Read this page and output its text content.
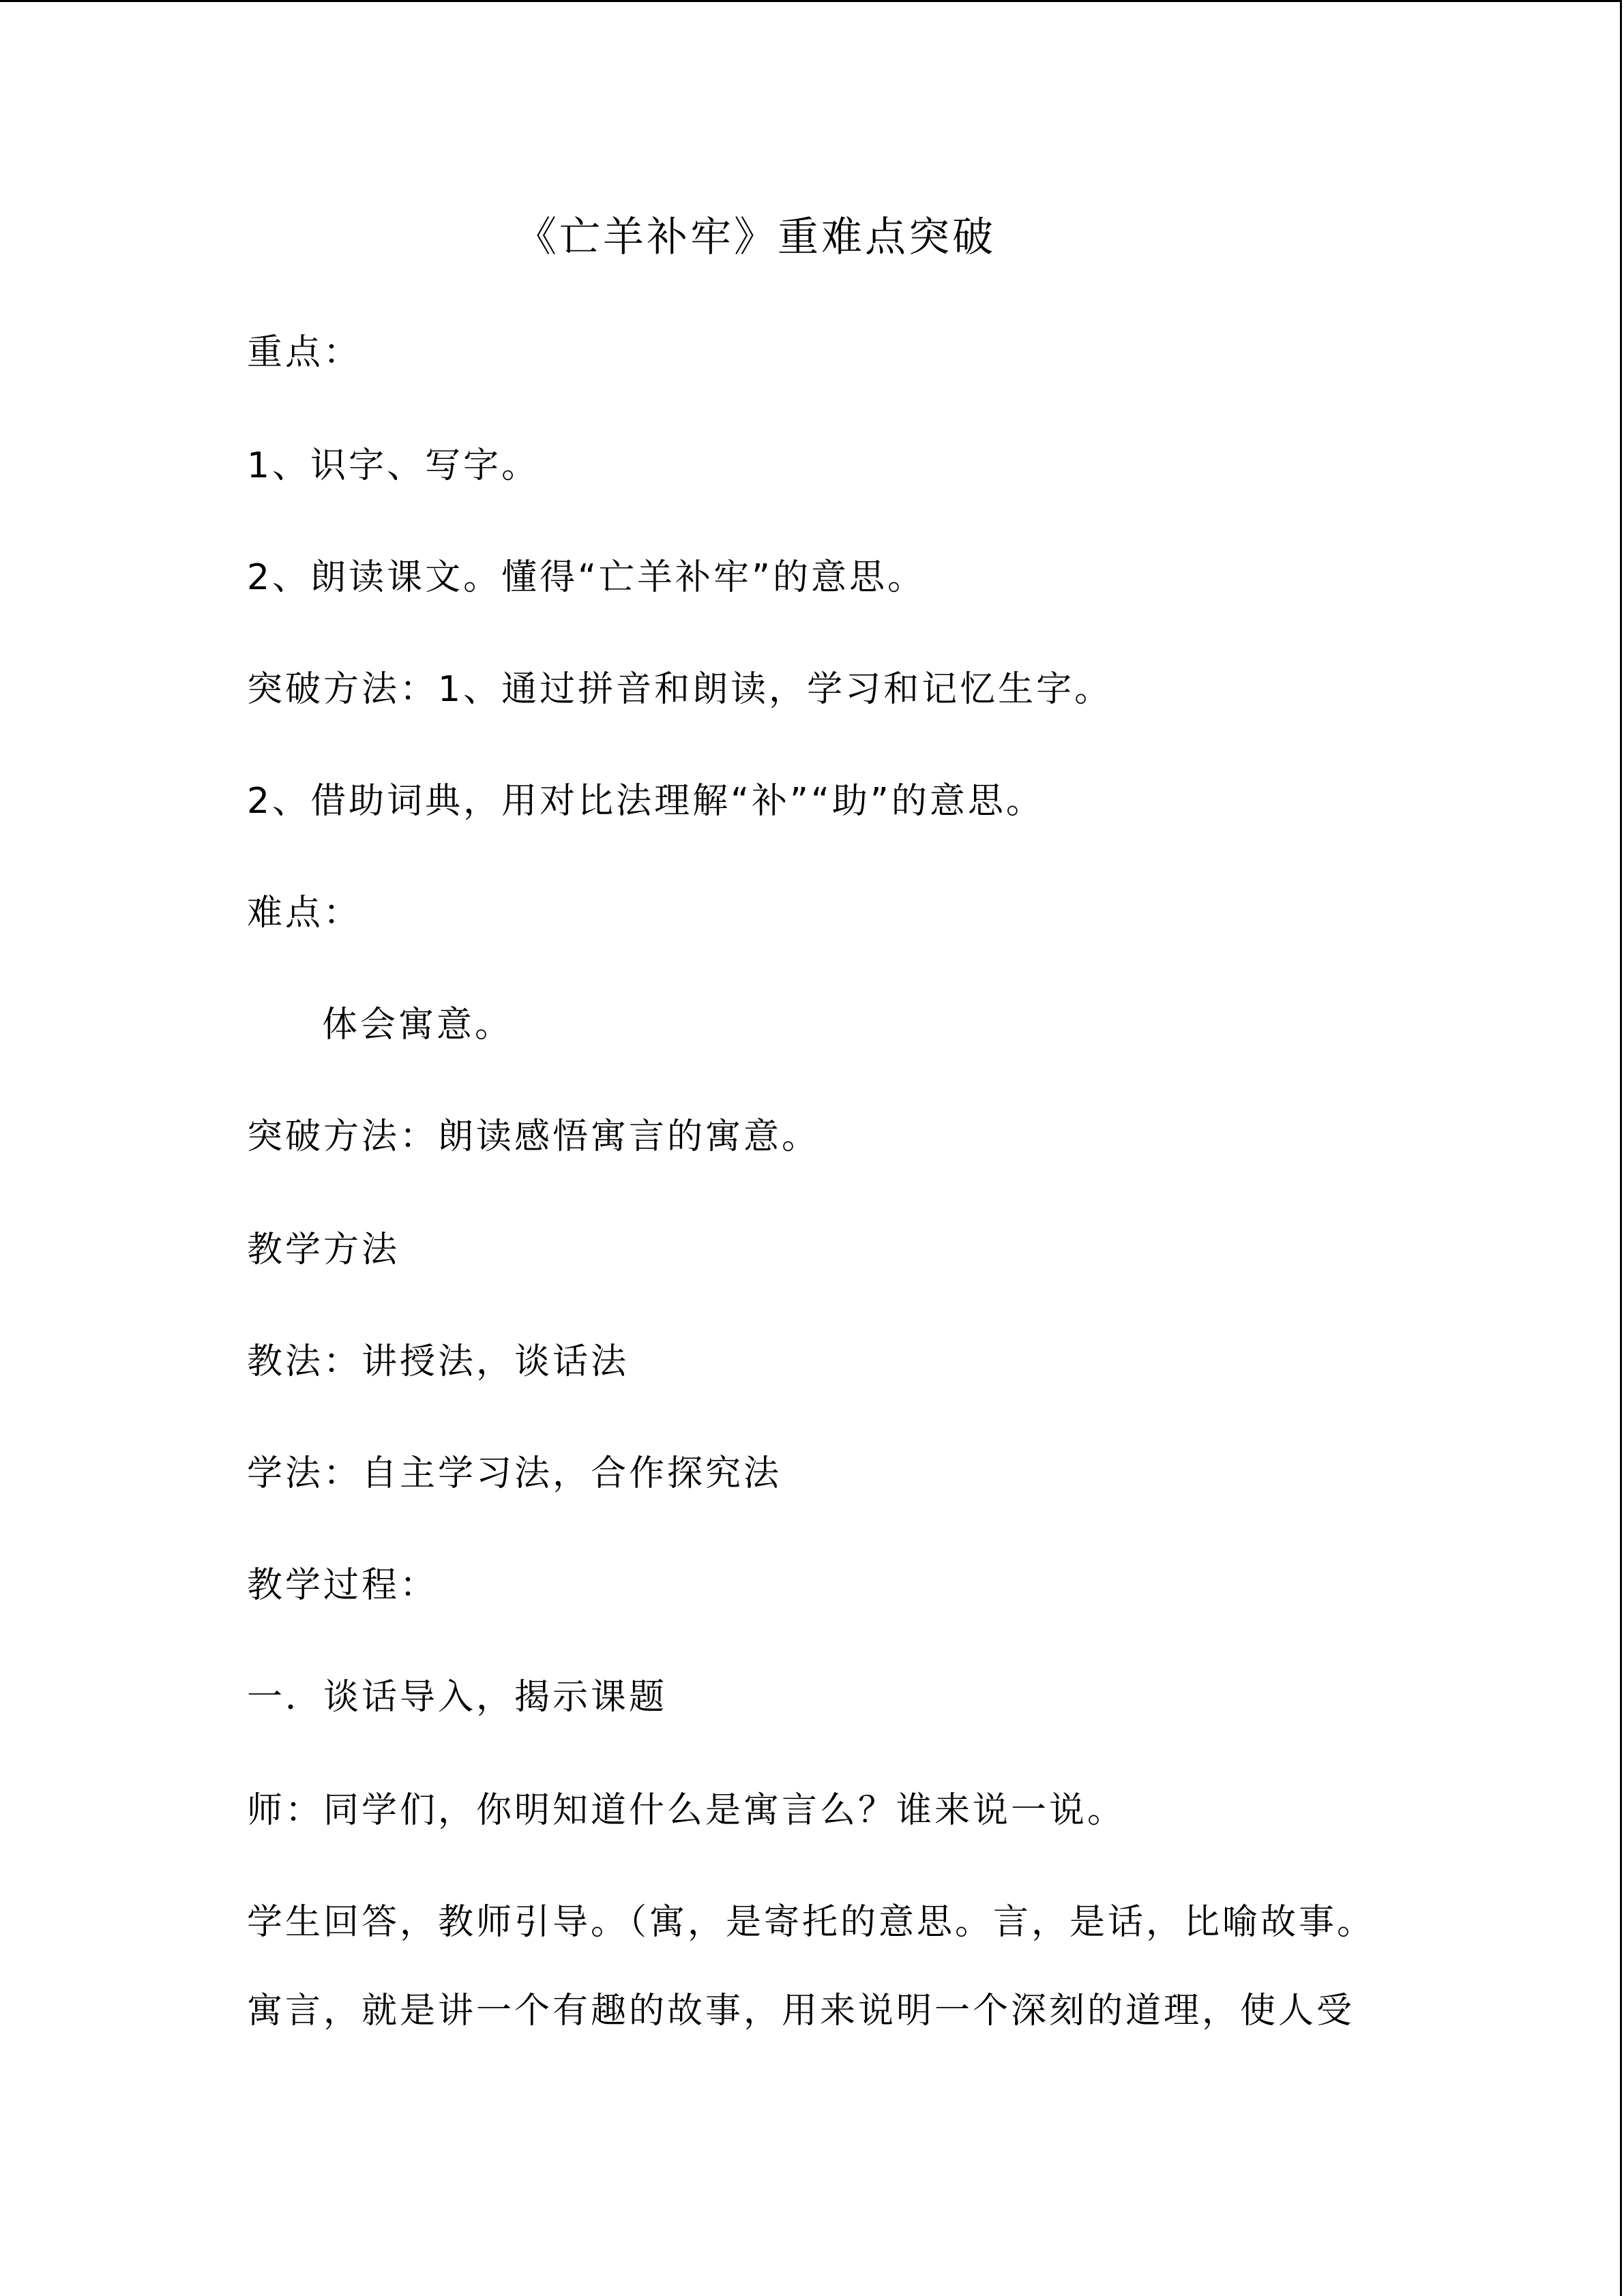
《亡羊补牢》重难点突破
重点：
1、识字、写字。
2、朗读课文。懂得“亡羊补牢”的意思。
突破方法：1、通过拼音和朗读，学习和记忆生字。
2、借助词典，用对比法理解“补”“助”的意思。
难点：
体会寓意。
突破方法：朗读感悟寓言的寓意。
教学方法
教法：讲授法，谈话法
学法：自主学习法，合作探究法
教学过程：
一．谈话导入，揭示课题
师：同学们，你明知道什么是寓言么？谁来说一说。
学生回答，教师引导。（寓，是寄托的意思。言，是话，比喻故事。
寓言，就是讲一个有趣的故事，用来说明一个深刻的道理，使人受
